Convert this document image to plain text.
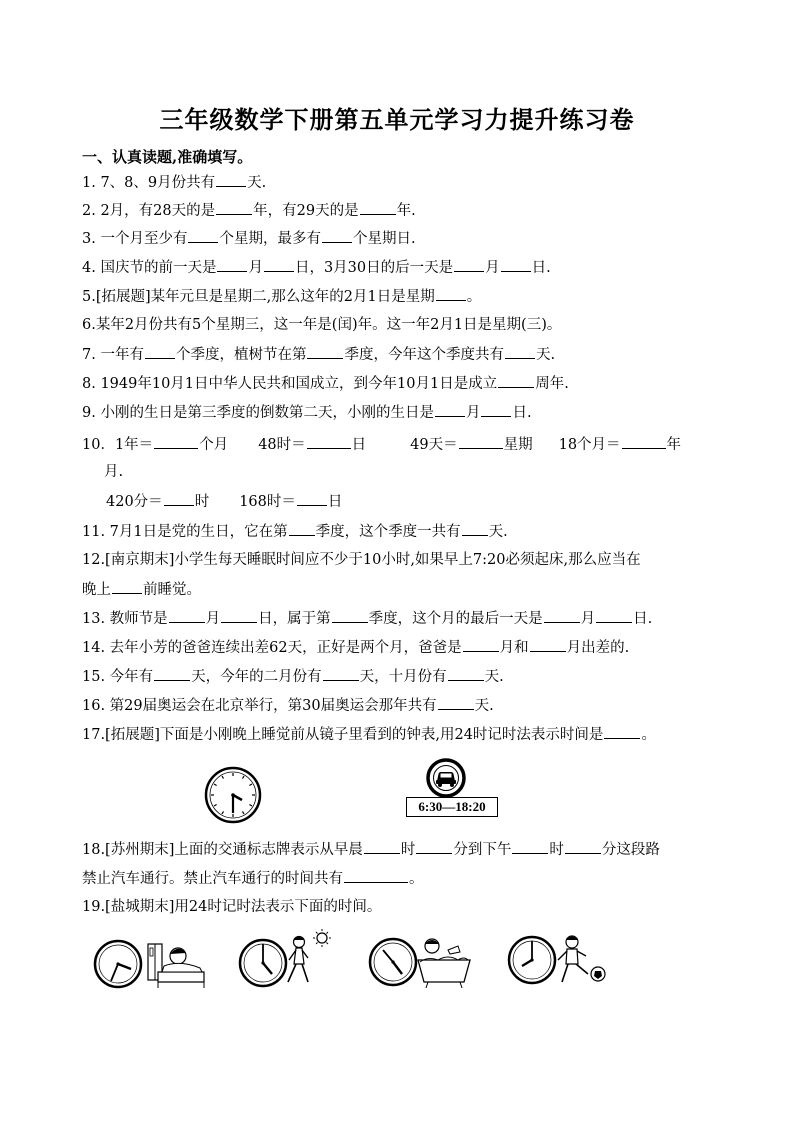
三年级数学下册第五单元学习力提升练习卷
一、认真读题,准确填写。
1. 7、8、9月份共有 天.
2. 2月，有28天的是	年，有29天的是	年.
3. 一个月至少有 个星期，最多有 个星期日.
4. 国庆节的前一天是 月 日，3月30日的后一天是 月 日.
5.[拓展题]某年元旦是星期二,那么这年的2月1日是星期 。
6.某年2月份共有5个星期三，这一年是(闰)年。这一年2月1日是星期(三)。
7. 一年有 个季度，植树节在第	季度，今年这个季度共有 天.
8. 1949年10月1日中华人民共和国成立，到今年10月1日是成立	周年.
9. 小刚的生日是第三季度的倒数第二天，小刚的生日是 月 日.
10．1年＝	个月 48时＝	日	49天＝	星期 18个月＝	年
月.
420分＝ 时 168时＝ 日
11. 7月1日是党的生日，它在第 季度，这个季度一共有 天.
12.[南京期末]小学生每天睡眠时间应不少于10小时,如果早上7:20必须起床,那么应当在
晚上 前睡觉。
13. 教师节是	月	日，属于第	季度，这个月的最后一天是	月	日.
14. 去年小芳的爸爸连续出差62天，正好是两个月，爸爸是	月和	月出差的.
15. 今年有	天，今年的二月份有	天，十月份有	天.
16. 第29届奥运会在北京举行，第30届奥运会那年共有	天.
17.[拓展题]下面是小刚晚上睡觉前从镜子里看到的钟表,用24时记时法表示时间是	。
6:30—18:20
18.[苏州期末]上面的交通标志牌表示从早晨	时	分到下午	时	分这段路
禁止汽车通行。禁止汽车通行的时间共有	。
19.[盐城期末]用24时记时法表示下面的时间。
